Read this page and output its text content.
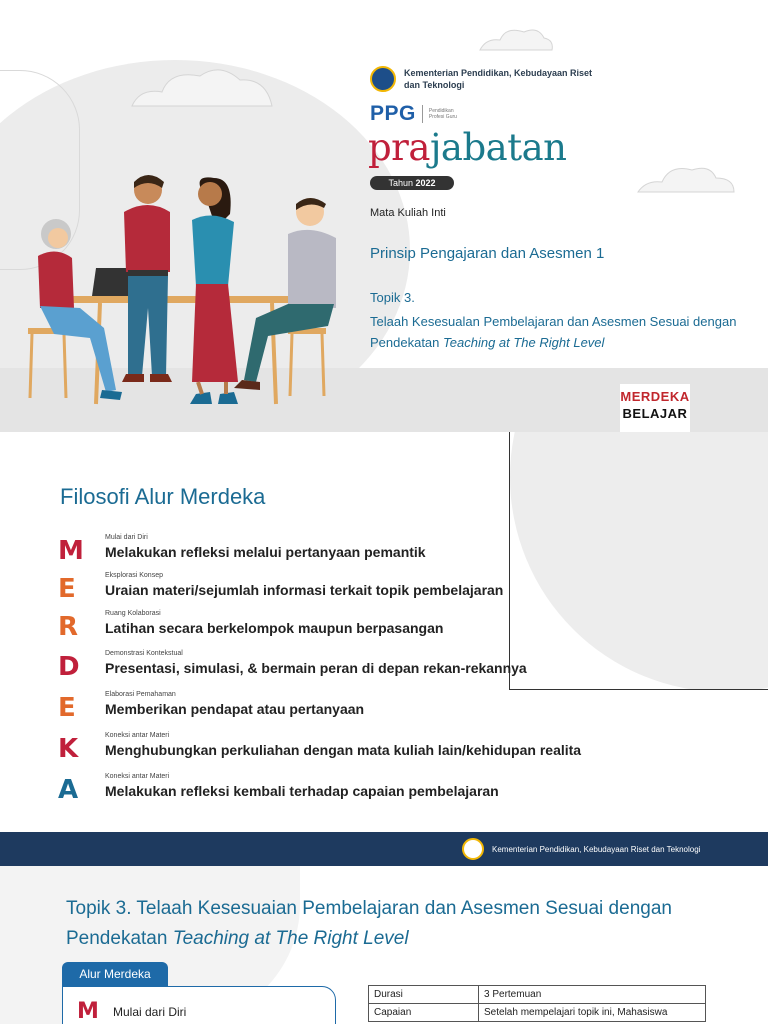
Kementerian Pendidikan, Kebudayaan Riset dan Teknologi
PPG	Pendidikan Profesi Guru
prajabatan
Tahun 2022
Mata Kuliah Inti
Prinsip Pengajaran dan Asesmen 1
Topik 3.
Telaah Kesesualan Pembelajaran dan Asesmen Sesuai dengan Pendekatan Teaching at The Right Level
MERDEKA
BELAJAR
Filosofi Alur Merdeka
M	Mulai dari Diri
Melakukan refleksi melalui pertanyaan pemantik
E	Eksplorasi Konsep
Uraian materi/sejumlah informasi terkait topik pembelajaran
R	Ruang Kolaborasi
Latihan secara berkelompok maupun berpasangan
D	Demonstrasi Kontekstual
Presentasi, simulasi, & bermain peran di depan rekan-rekannya
E	Elaborasi Pemahaman
Memberikan pendapat atau pertanyaan
K	Koneksi antar Materi
Menghubungkan perkuliahan dengan mata kuliah lain/kehidupan realita
A	Koneksi antar Materi
Melakukan refleksi kembali terhadap capaian pembelajaran
Kementerian Pendidikan, Kebudayaan Riset dan Teknologi
Topik 3. Telaah Kesesuaian Pembelajaran dan Asesmen Sesuai dengan Pendekatan Teaching at The Right Level
Alur Merdeka
M Mulai dari Diri
Durasi	3 Pertemuan
Capaian	Setelah mempelajari topik ini, Mahasiswa
